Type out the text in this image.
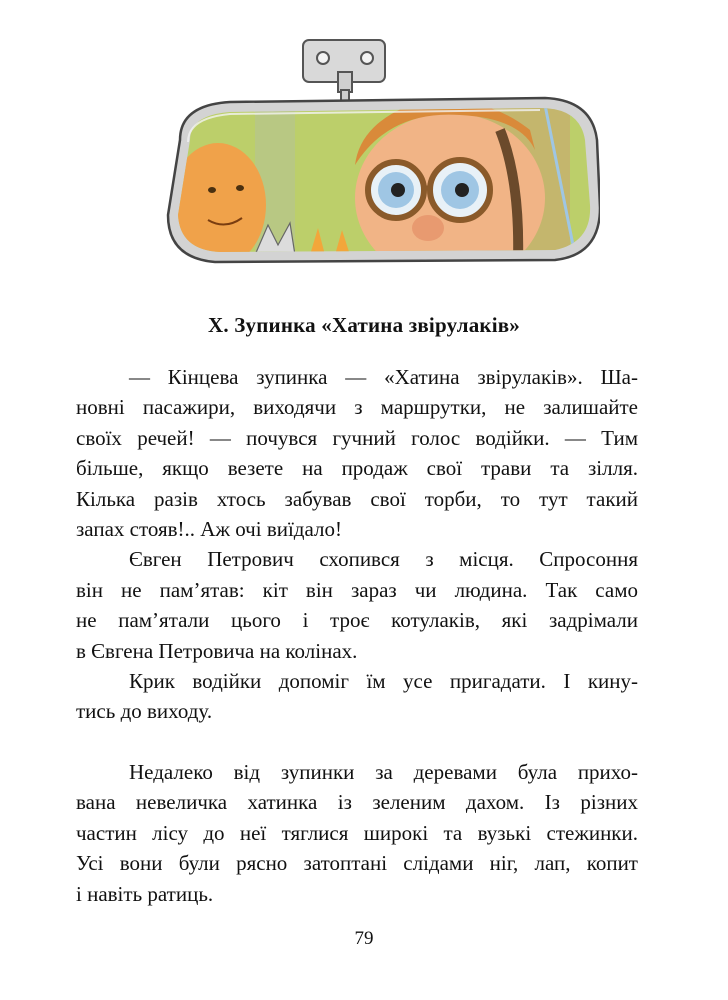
Х. Зупинка «Хатина звірулаків»
— Кінцева зупинка — «Хатина звірулаків». Ша-
новні пасажири, виходячи з маршрутки, не залишайте
своїх речей! — почувся гучний голос водійки. — Тим
більше, якщо везете на продаж свої трави та зілля.
Кілька разів хтось забував свої торби, то тут такий
запах стояв!.. Аж очі виїдало!
Євген Петрович схопився з місця. Спросоння
він не пам’ятав: кіт він зараз чи людина. Так само
не пам’ятали цього і троє котулаків, які задрімали
в Євгена Петровича на колінах.
Крик водійки допоміг їм усе пригадати. І кину-
тись до виходу.
Недалеко від зупинки за деревами була прихо-
вана невеличка хатинка із зеленим дахом. Із різних
частин лісу до неї тяглися широкі та вузькі стежинки.
Усі вони були рясно затоптані слідами ніг, лап, копит
і навіть ратиць.
79
